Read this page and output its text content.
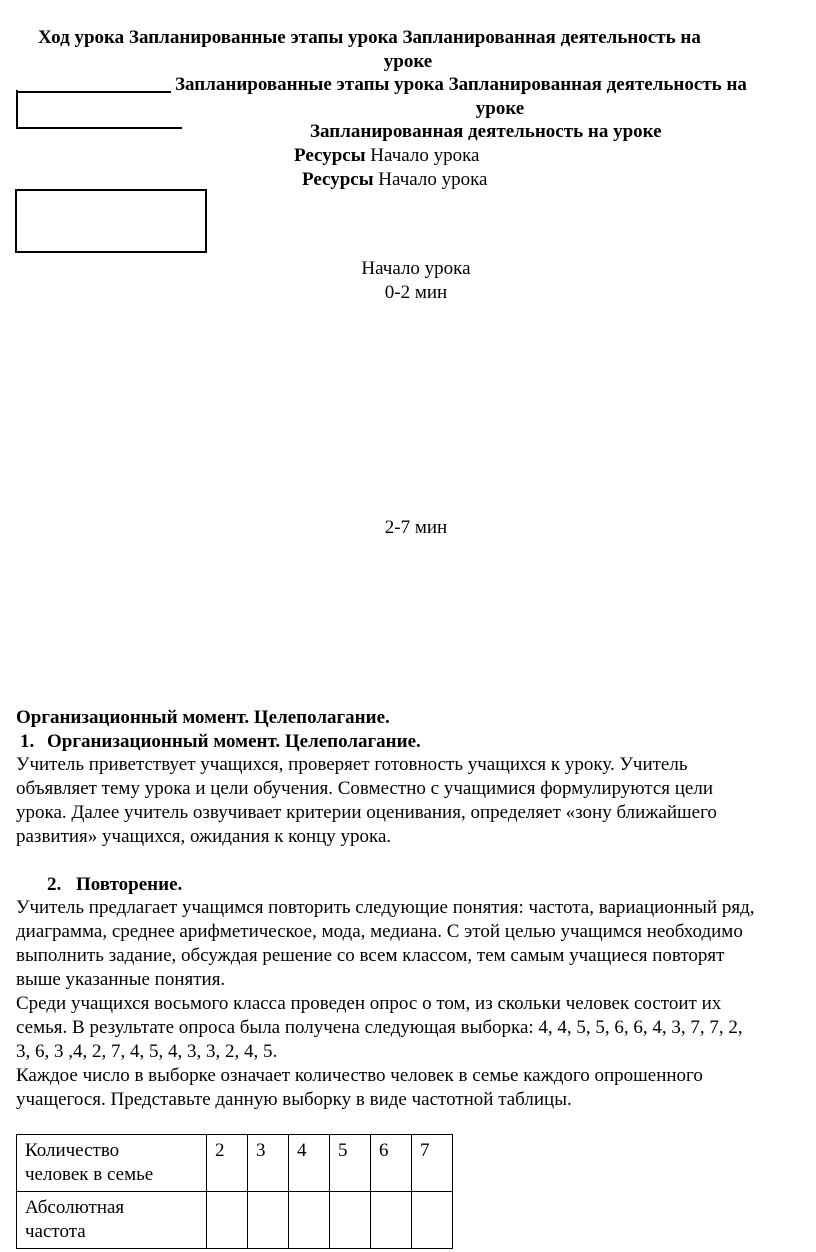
Ход урока Запланированные этапы урока Запланированная деятельность на
уроке
Запланированные этапы урока Запланированная деятельность на
уроке
Запланированная деятельность на уроке
Ресурсы Начало урока
Ресурсы Начало урока
Начало урока
0-2 мин
2-7 мин
Организационный момент. Целеполагание.
1. Организационный момент. Целеполагание.
Учитель приветствует учащихся, проверяет готовность учащихся к уроку. Учитель
объявляет тему урока и цели обучения. Совместно с учащимися формулируются цели
урока. Далее учитель озвучивает критерии оценивания, определяет «зону ближайшего
развития» учащихся, ожидания к концу урока.
2. Повторение.
Учитель предлагает учащимся повторить следующие понятия: частота, вариационный ряд,
диаграмма, среднее арифметическое, мода, медиана. С этой целью учащимся необходимо
выполнить задание, обсуждая решение со всем классом, тем самым учащиеся повторят
выше указанные понятия.
Среди учащихся восьмого класса проведен опрос о том, из скольки человек состоит их
семья. В результате опроса была получена следующая выборка: 4, 4, 5, 5, 6, 6, 4, 3, 7, 7, 2,
3, 6, 3 ,4, 2, 7, 4, 5, 4, 3, 3, 2, 4, 5.
Каждое число в выборке означает количество человек в семье каждого опрошенного
учащегося. Представьте данную выборку в виде частотной таблицы.
Количество
человек в семье	2	3	4	5	6	7

Абсолютная
частота						
